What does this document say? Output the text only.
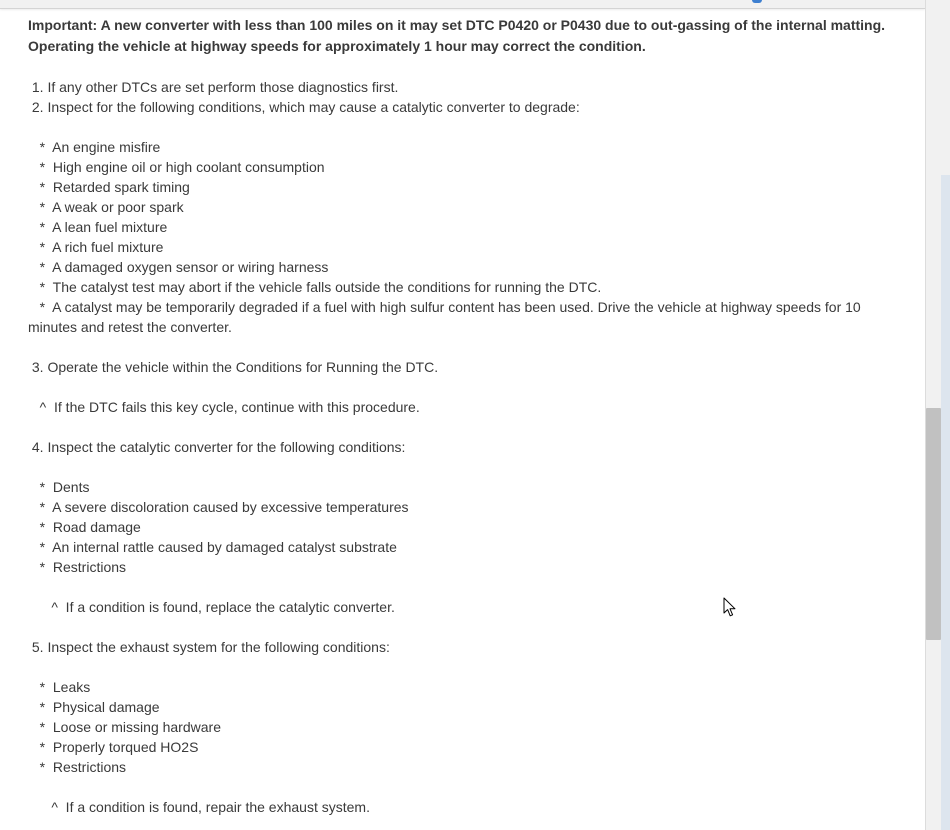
Important: A new converter with less than 100 miles on it may set DTC P0420 or P0430 due to out-gassing of the internal matting.
Operating the vehicle at highway speeds for approximately 1 hour may correct the condition.
1. If any other DTCs are set perform those diagnostics first.
2. Inspect for the following conditions, which may cause a catalytic converter to degrade:
*  An engine misfire
*  High engine oil or high coolant consumption
*  Retarded spark timing
*  A weak or poor spark
*  A lean fuel mixture
*  A rich fuel mixture
*  A damaged oxygen sensor or wiring harness
*  The catalyst test may abort if the vehicle falls outside the conditions for running the DTC.
*  A catalyst may be temporarily degraded if a fuel with high sulfur content has been used. Drive the vehicle at highway speeds for 10
minutes and retest the converter.
3. Operate the vehicle within the Conditions for Running the DTC.
^  If the DTC fails this key cycle, continue with this procedure.
4. Inspect the catalytic converter for the following conditions:
*  Dents
*  A severe discoloration caused by excessive temperatures
*  Road damage
*  An internal rattle caused by damaged catalyst substrate
*  Restrictions
^  If a condition is found, replace the catalytic converter.
5. Inspect the exhaust system for the following conditions:
*  Leaks
*  Physical damage
*  Loose or missing hardware
*  Properly torqued HO2S
*  Restrictions
^  If a condition is found, repair the exhaust system.
